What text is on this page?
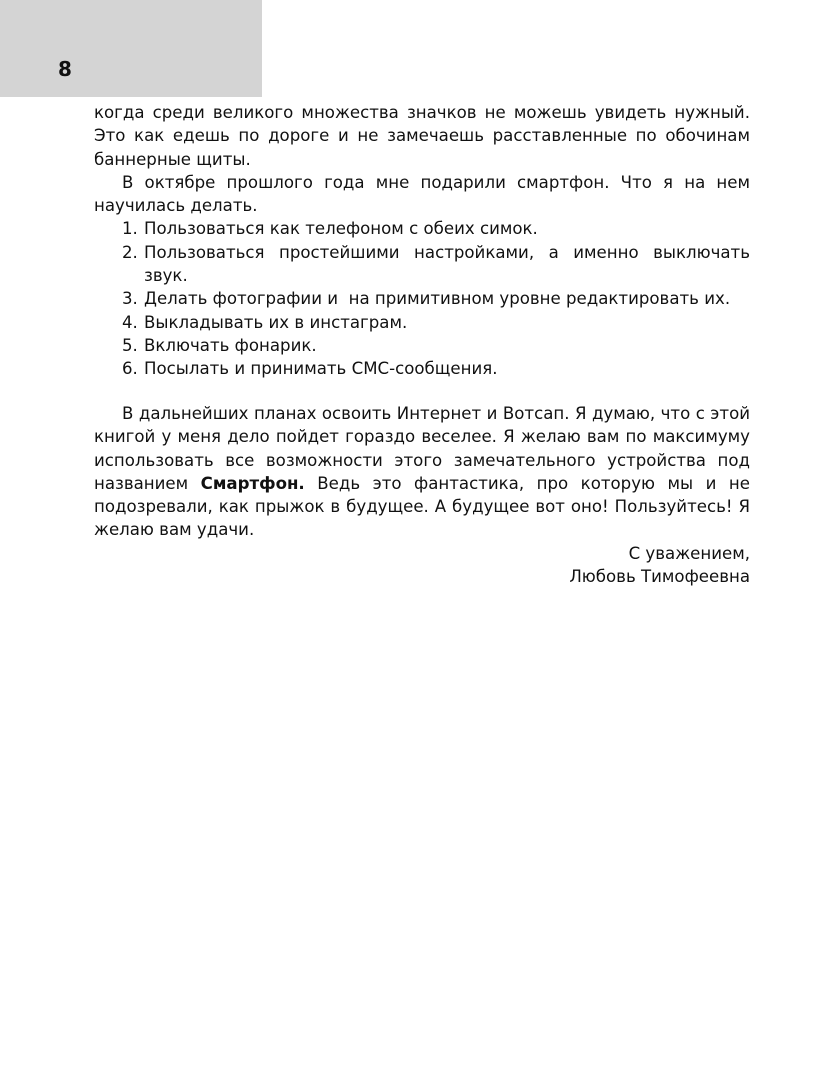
8

когда среди великого множества значков не можешь увидеть нужный. Это как едешь по дороге и не замечаешь расставленные по обочинам баннерные щиты.

В октябре прошлого года мне подарили смартфон. Что я на нем научилась делать.

1. Пользоваться как телефоном с обеих симок.
2. Пользоваться простейшими настройками, а именно выключать звук.
3. Делать фотографии и  на примитивном уровне редактировать их.
4. Выкладывать их в инстаграм.
5. Включать фонарик.
6. Посылать и принимать СМС-сообщения.

В дальнейших планах освоить Интернет и Вотсап. Я думаю, что с этой книгой у меня дело пойдет гораздо веселее. Я желаю вам по максимуму использовать все возможности этого замечательного устройства под названием Смартфон. Ведь это фантастика, про которую мы и не подозревали, как прыжок в будущее. А будущее вот оно! Пользуйтесь! Я желаю вам удачи.

С уважением,
Любовь Тимофеевна
